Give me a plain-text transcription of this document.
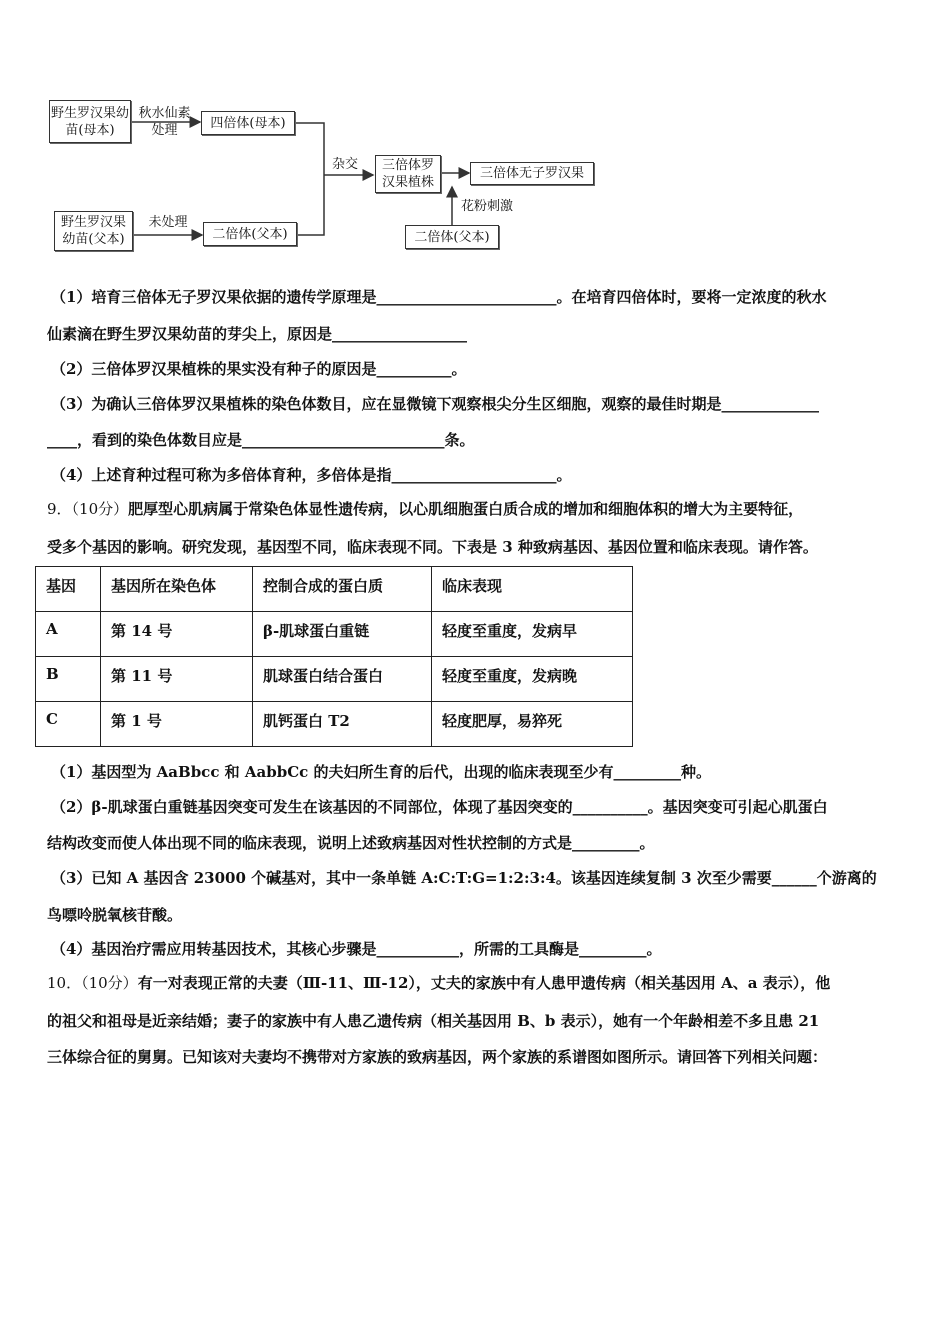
野生罗汉果幼苗(母本)
秋水仙素处理	四倍体(母本)
杂交	三倍体罗汉果植株
三倍体无子罗汉果
花粉刺激
野生罗汉果幼苗(父本)
未处理
二倍体(父本)	二倍体(父本)
（1）培育三倍体无子罗汉果依据的遗传学原理是________________________。在培育四倍体时，要将一定浓度的秋水
仙素滴在野生罗汉果幼苗的芽尖上，原因是__________________
（2）三倍体罗汉果植株的果实没有种子的原因是__________。
（3）为确认三倍体罗汉果植株的染色体数目，应在显微镜下观察根尖分生区细胞，观察的最佳时期是_____________
____，看到的染色体数目应是___________________________条。
（4）上述育种过程可称为多倍体育种，多倍体是指______________________。
9．（10分）肥厚型心肌病属于常染色体显性遗传病，以心肌细胞蛋白质合成的增加和细胞体积的增大为主要特征，
受多个基因的影响。研究发现，基因型不同，临床表现不同。下表是 3 种致病基因、基因位置和临床表现。请作答。
基因	基因所在染色体	控制合成的蛋白质	临床表现
A	第 14 号	β-肌球蛋白重链	轻度至重度，发病早
B	第 11 号	肌球蛋白结合蛋白	轻度至重度，发病晚
C	第 1 号	肌钙蛋白 T2	轻度肥厚，易猝死
（1）基因型为 AaBbcc 和 AabbCc 的夫妇所生育的后代，出现的临床表现至少有_________种。
（2）β-肌球蛋白重链基因突变可发生在该基因的不同部位，体现了基因突变的__________。基因突变可引起心肌蛋白
结构改变而使人体出现不同的临床表现，说明上述致病基因对性状控制的方式是_________。
（3）已知 A 基因含 23000 个碱基对，其中一条单链 A:C:T:G=1:2:3:4。该基因连续复制 3 次至少需要______个游离的
鸟嘌呤脱氧核苷酸。
（4）基因治疗需应用转基因技术，其核心步骤是___________，所需的工具酶是_________。
10．（10分）有一对表现正常的夫妻（Ⅲ-11、Ⅲ-12），丈夫的家族中有人患甲遗传病（相关基因用 A、a 表示），他
的祖父和祖母是近亲结婚；妻子的家族中有人患乙遗传病（相关基因用 B、b 表示），她有一个年龄相差不多且患 21
三体综合征的舅舅。已知该对夫妻均不携带对方家族的致病基因，两个家族的系谱图如图所示。请回答下列相关问题：
